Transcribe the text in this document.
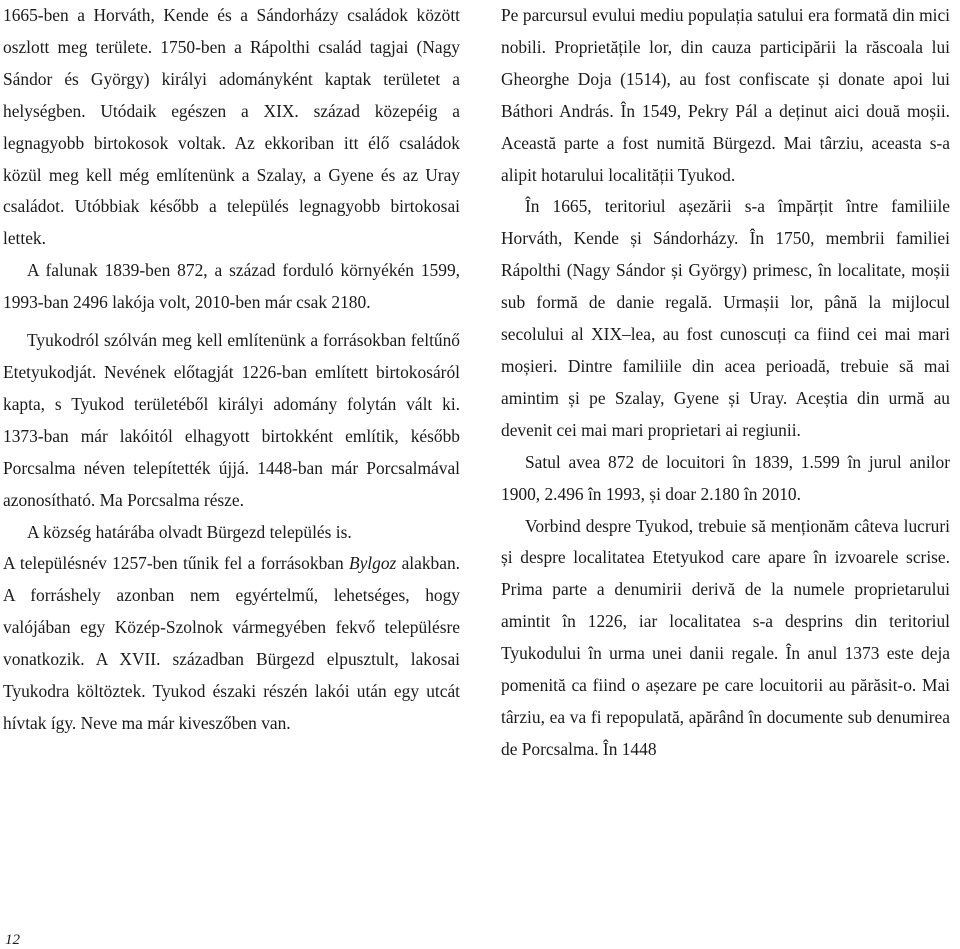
1665-ben a Horváth, Kende és a Sándorházy családok között oszlott meg területe. 1750-ben a Rápolthi család tagjai (Nagy Sándor és György) királyi adományként kaptak területet a helységben. Utódaik egészen a XIX. század közepéig a legnagyobb birtokosok voltak. Az ekkoriban itt élő családok közül meg kell még említenünk a Szalay, a Gyene és az Uray családot. Utóbbiak később a település legnagyobb birtokosai lettek.

A falunak 1839-ben 872, a század forduló környékén 1599, 1993-ban 2496 lakója volt, 2010-ben már csak 2180.

Tyukodról szólván meg kell említenünk a forrásokban feltűnő Etetyukodját. Nevének előtagját 1226-ban említett birtokosáról kapta, s Tyukod területéből királyi adomány folytán vált ki. 1373-ban már lakóitól elhagyott birtokként említik, később Porcsalma néven telepítették újjá. 1448-ban már Porcsalmával azonosítható. Ma Porcsalma része.

A község határába olvadt Bürgezd település is.

A településnév 1257-ben tűnik fel a forrásokban Bylgoz alakban. A forráshely azonban nem egyértelmű, lehetséges, hogy valójában egy Közép-Szolnok vármegyében fekvő településre vonatkozik. A XVII. században Bürgezd elpusztult, lakosai Tyukodra költöztek. Tyukod északi részén lakói után egy utcát hívtak így. Neve ma már kiveszőben van.

Pe parcursul evului mediu populația satului era formată din mici nobili. Proprietățile lor, din cauza participării la răscoala lui Gheorghe Doja (1514), au fost confiscate și donate apoi lui Báthori András. În 1549, Pekry Pál a deținut aici două moșii. Această parte a fost numită Bürgezd. Mai târziu, aceasta s-a alipit hotarului localității Tyukod.

În 1665, teritoriul așezării s-a împărțit între familiile Horváth, Kende și Sándorházy. În 1750, membrii familiei Rápolthi (Nagy Sándor și György) primesc, în localitate, moșii sub formă de danie regală. Urmașii lor, până la mijlocul secolului al XIX–lea, au fost cunoscuți ca fiind cei mai mari moșieri. Dintre familiile din acea perioadă, trebuie să mai amintim și pe Szalay, Gyene și Uray. Aceștia din urmă au devenit cei mai mari proprietari ai regiunii.

Satul avea 872 de locuitori în 1839, 1.599 în jurul anilor 1900, 2.496 în 1993, și doar 2.180 în 2010.

Vorbind despre Tyukod, trebuie să menționăm câteva lucruri și despre localitatea Etetyukod care apare în izvoarele scrise. Prima parte a denumirii derivă de la numele proprietarului amintit în 1226, iar localitatea s-a desprins din teritoriul Tyukodului în urma unei danii regale. În anul 1373 este deja pomenită ca fiind o așezare pe care locuitorii au părăsit-o. Mai târziu, ea va fi repopulată, apărând în documente sub denumirea de Porcsalma. În 1448

12
